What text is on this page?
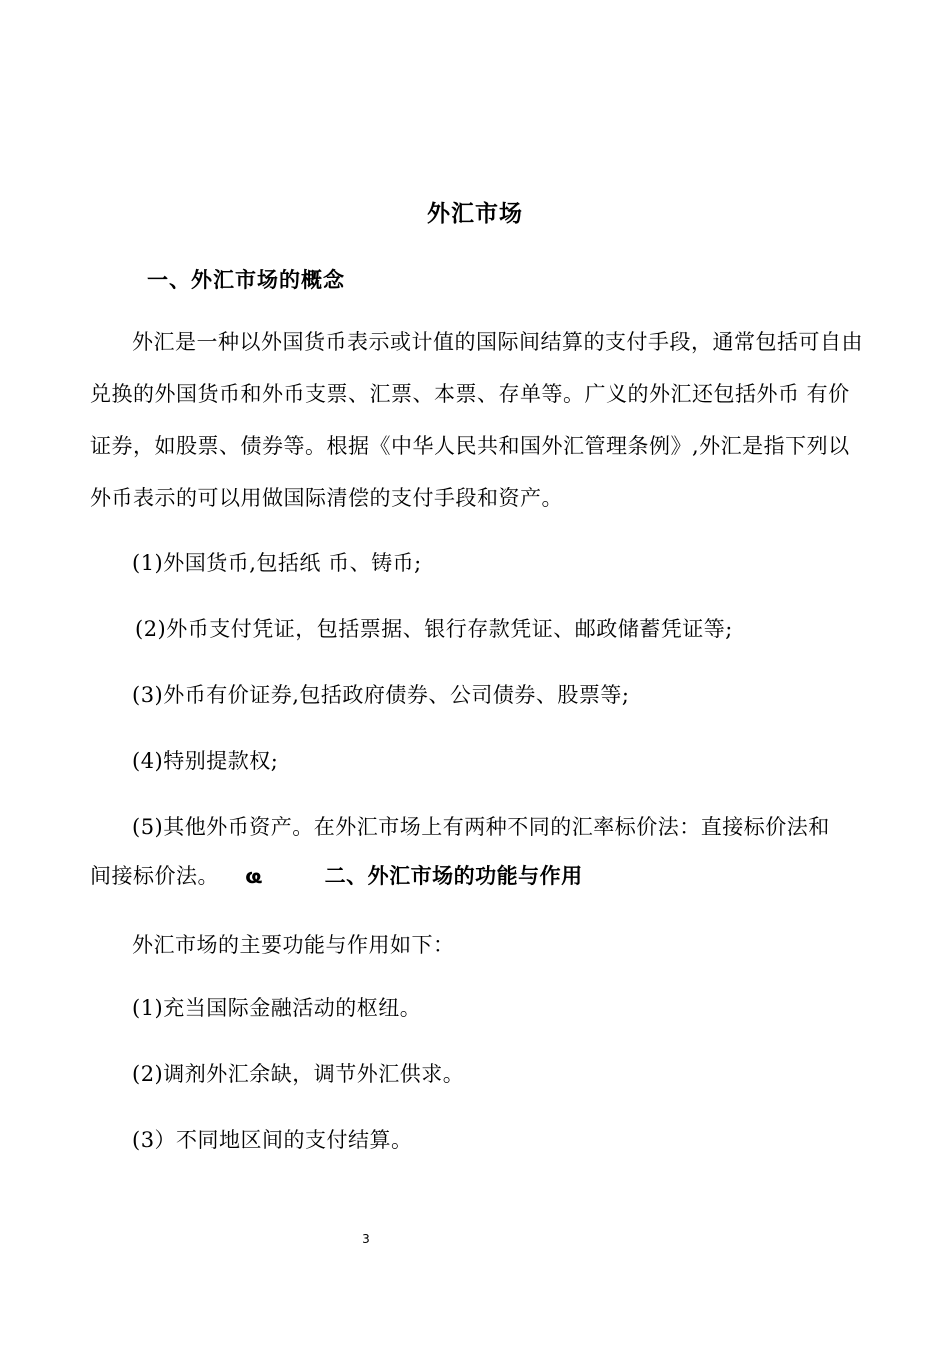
外汇市场
一、外汇市场的概念
外汇是一种以外国货币表示或计值的国际间结算的支付手段，通常包括可自由兑换的外国货币和外币支票、汇票、本票、存单等。广义的外汇还包括外币 有价证券，如股票、债券等。根据《中华人民共和国外汇管理条例》,外汇是指下列以外币表示的可以用做国际清偿的支付手段和资产。
(1)外国货币,包括纸 币、铸币;
(2)外币支付凭证，包括票据、银行存款凭证、邮政储蓄凭证等;
(3)外币有价证券,包括政府债券、公司债券、股票等;
(4)特别提款权;
(5)其他外币资产。在外汇市场上有两种不同的汇率标价法：直接标价法和
间接标价法。 ҩ	二、外汇市场的功能与作用
外汇市场的主要功能与作用如下：
(1)充当国际金融活动的枢纽。
(2)调剂外汇余缺，调节外汇供求。
(3）不同地区间的支付结算。
3
